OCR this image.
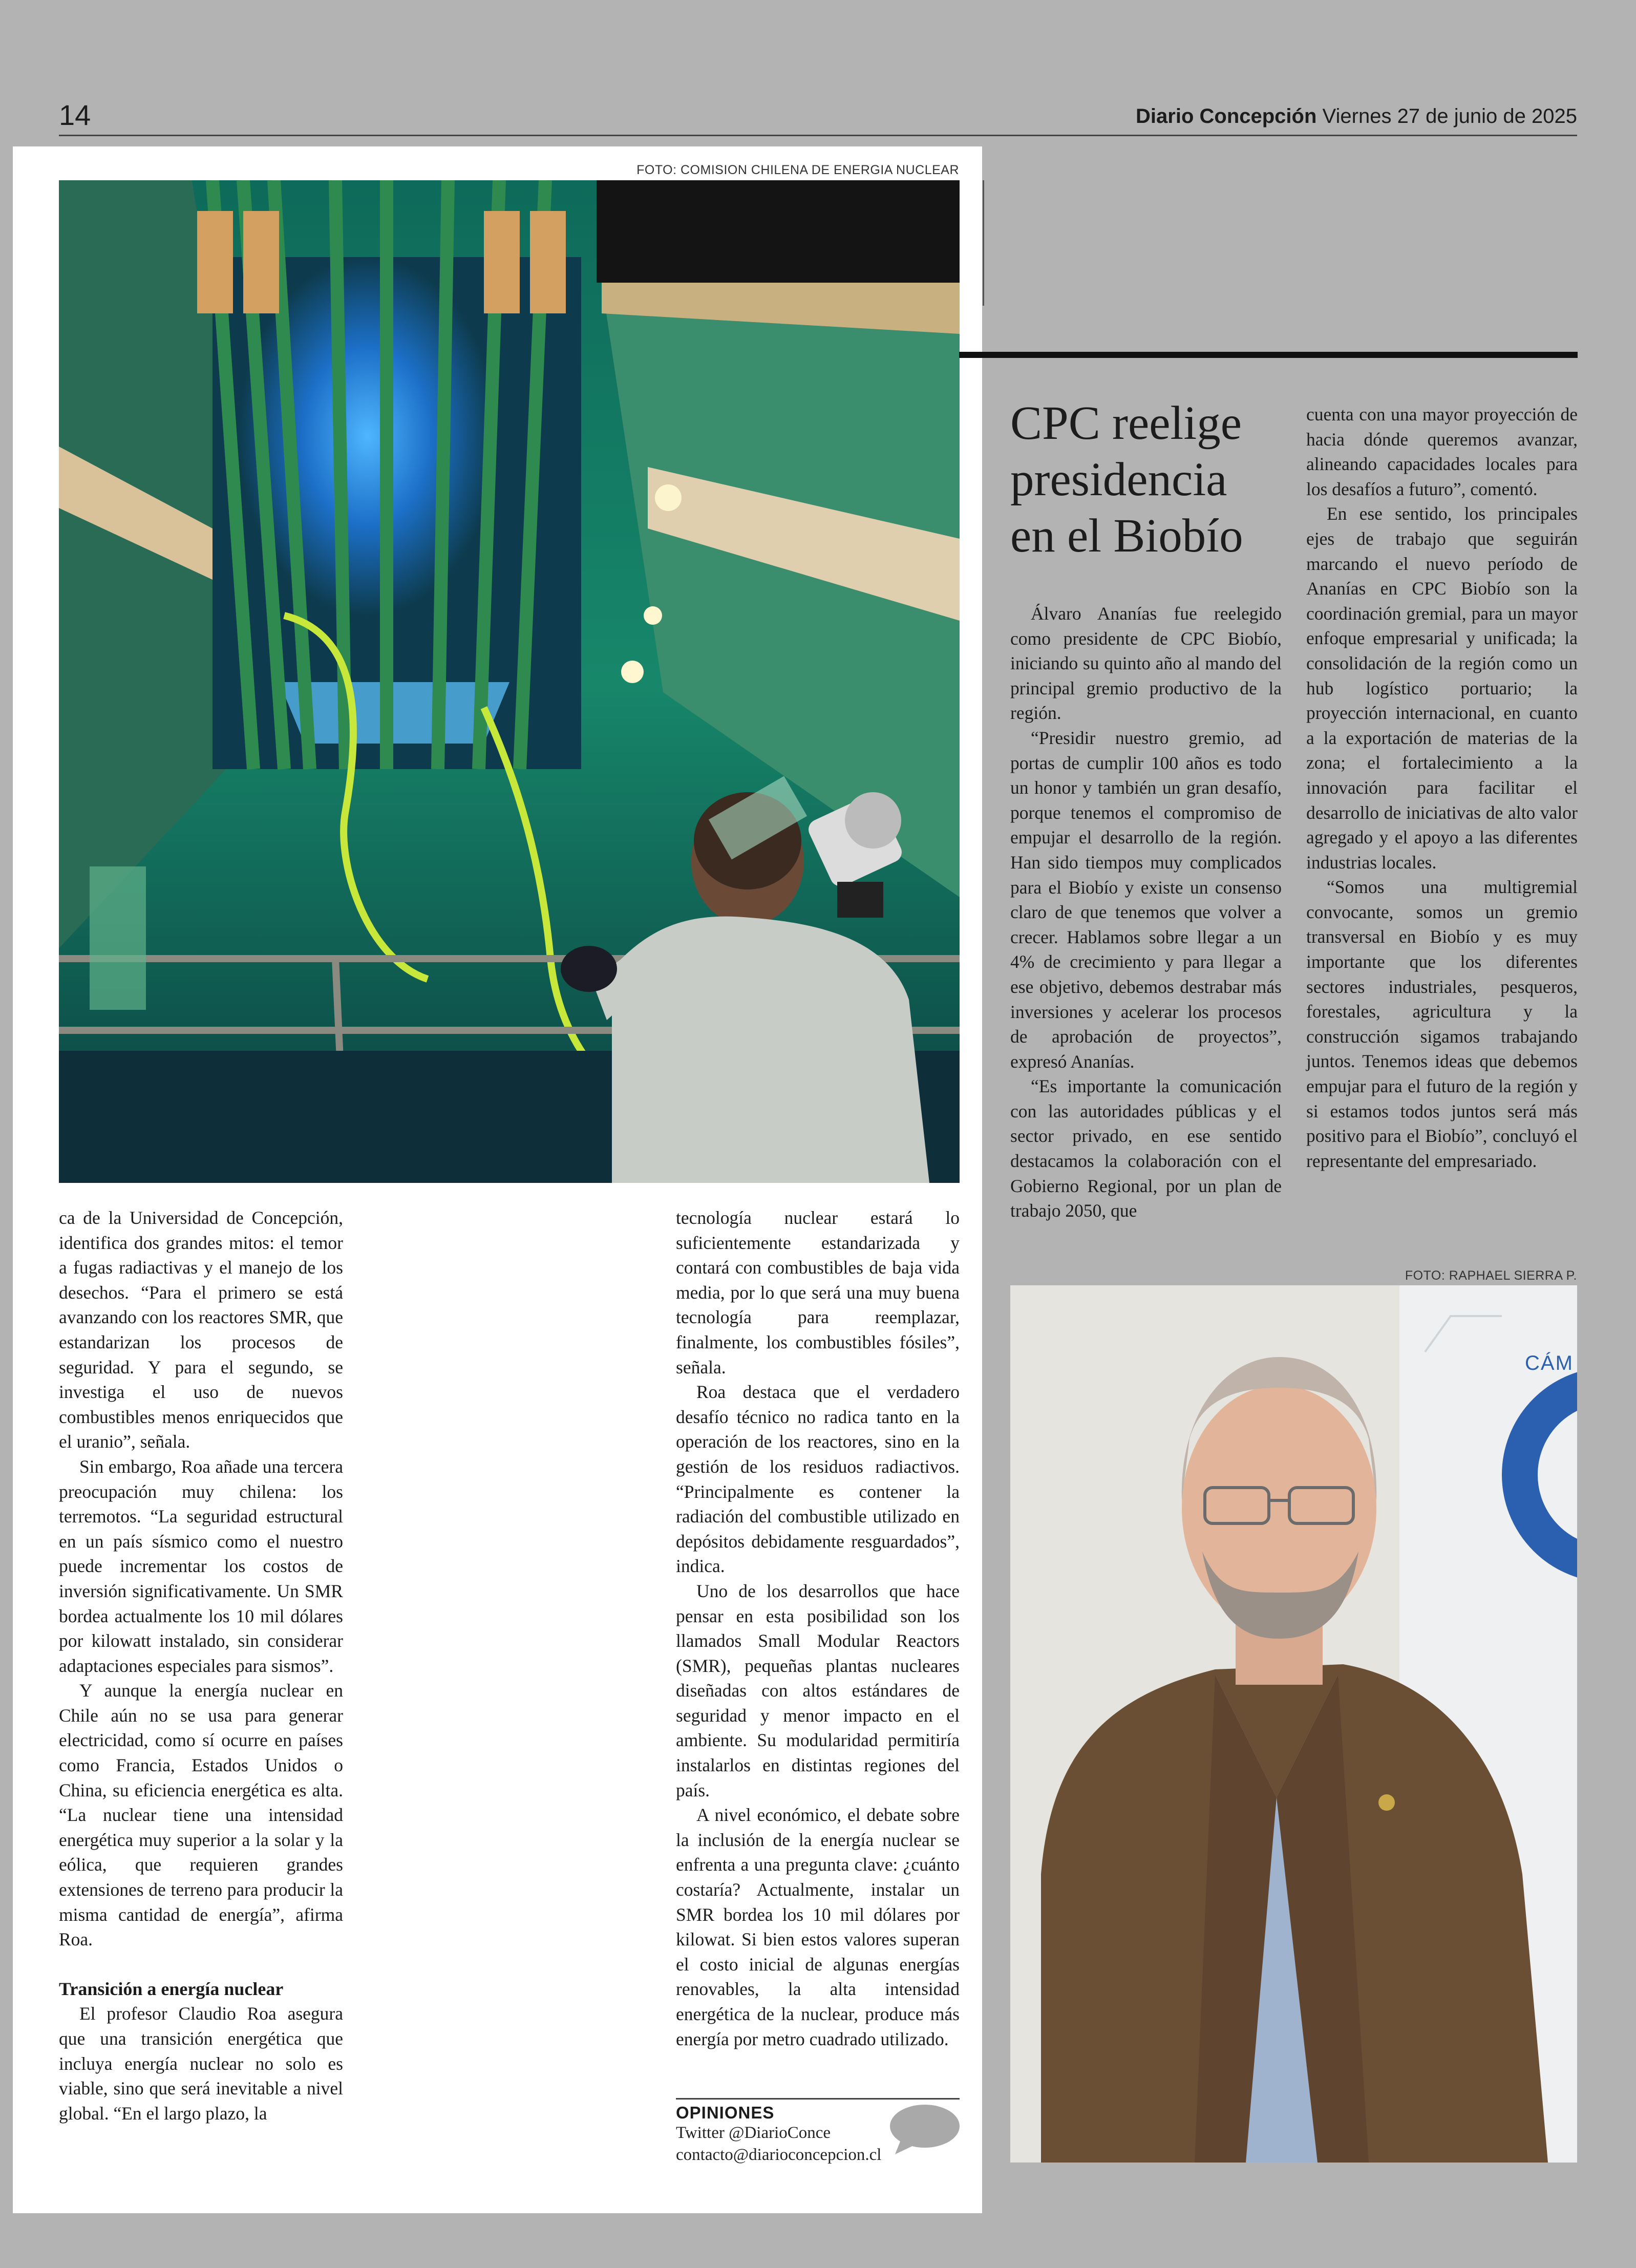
14	Diario Concepción Viernes 27 de junio de 2025
FOTO: COMISION CHILENA DE ENERGIA NUCLEAR

ca de la Universidad de Concepción, identifica dos grandes mitos: el temor a fugas radiactivas y el manejo de los desechos. “Para el primero se está avanzando con los reactores SMR, que estandarizan los procesos de seguridad. Y para el segundo, se investiga el uso de nuevos combustibles menos enriquecidos que el uranio”, señala.

Sin embargo, Roa añade una tercera preocupación muy chilena: los terremotos. “La seguridad estructural en un país sísmico como el nuestro puede incrementar los costos de inversión significativamente. Un SMR bordea actualmente los 10 mil dólares por kilowatt instalado, sin considerar adaptaciones especiales para sismos”.

Y aunque la energía nuclear en Chile aún no se usa para generar electricidad, como sí ocurre en países como Francia, Estados Unidos o China, su eficiencia energética es alta. “La nuclear tiene una intensidad energética muy superior a la solar y la eólica, que requieren grandes extensiones de terreno para producir la misma cantidad de energía”, afirma Roa.

Transición a energía nuclear

El profesor Claudio Roa asegura que una transición energética que incluya energía nuclear no solo es viable, sino que será inevitable a nivel global. “En el largo plazo, la

tecnología nuclear estará lo suficientemente estandarizada y contará con combustibles de baja vida media, por lo que será una muy buena tecnología para reemplazar, finalmente, los combustibles fósiles”, señala.

Roa destaca que el verdadero desafío técnico no radica tanto en la operación de los reactores, sino en la gestión de los residuos radiactivos. “Principalmente es contener la radiación del combustible utilizado en depósitos debidamente resguardados”, indica.

Uno de los desarrollos que hace pensar en esta posibilidad son los llamados Small Modular Reactors (SMR), pequeñas plantas nucleares diseñadas con altos estándares de seguridad y menor impacto en el ambiente. Su modularidad permitiría instalarlos en distintas regiones del país.

A nivel económico, el debate sobre la inclusión de la energía nuclear se enfrenta a una pregunta clave: ¿cuánto costaría? Actualmente, instalar un SMR bordea los 10 mil dólares por kilowat. Si bien estos valores superan el costo inicial de algunas energías renovables, la alta intensidad energética de la nuclear, produce más energía por metro cuadrado utilizado.

OPINIONES
Twitter @DiarioConce
contacto@diarioconcepcion.cl
CPC reelige presidencia en el Biobío

Álvaro Ananías fue reelegido como presidente de CPC Biobío, iniciando su quinto año al mando del principal gremio productivo de la región.

“Presidir nuestro gremio, ad portas de cumplir 100 años es todo un honor y también un gran desafío, porque tenemos el compromiso de empujar el desarrollo de la región. Han sido tiempos muy complicados para el Biobío y existe un consenso claro de que tenemos que volver a crecer. Hablamos sobre llegar a un 4% de crecimiento y para llegar a ese objetivo, debemos destrabar más inversiones y acelerar los procesos de aprobación de proyectos”, expresó Ananías.

“Es importante la comunicación con las autoridades públicas y el sector privado, en ese sentido destacamos la colaboración con el Gobierno Regional, por un plan de trabajo 2050, que

cuenta con una mayor proyección de hacia dónde queremos avanzar, alineando capacidades locales para los desafíos a futuro”, comentó.

En ese sentido, los principales ejes de trabajo que seguirán marcando el nuevo período de Ananías en CPC Biobío son la coordinación gremial, para un mayor enfoque empresarial y unificada; la consolidación de la región como un hub logístico portuario; la proyección internacional, en cuanto a la exportación de materias de la zona; el fortalecimiento a la innovación para facilitar el desarrollo de iniciativas de alto valor agregado y el apoyo a las diferentes industrias locales.

“Somos una multigremial convocante, somos un gremio transversal en Biobío y es muy importante que los diferentes sectores industriales, pesqueros, forestales, agricultura y la construcción sigamos trabajando juntos. Tenemos ideas que debemos empujar para el futuro de la región y si estamos todos juntos será más positivo para el Biobío”, concluyó el representante del empresariado.

FOTO: RAPHAEL SIERRA P.
CÁM
